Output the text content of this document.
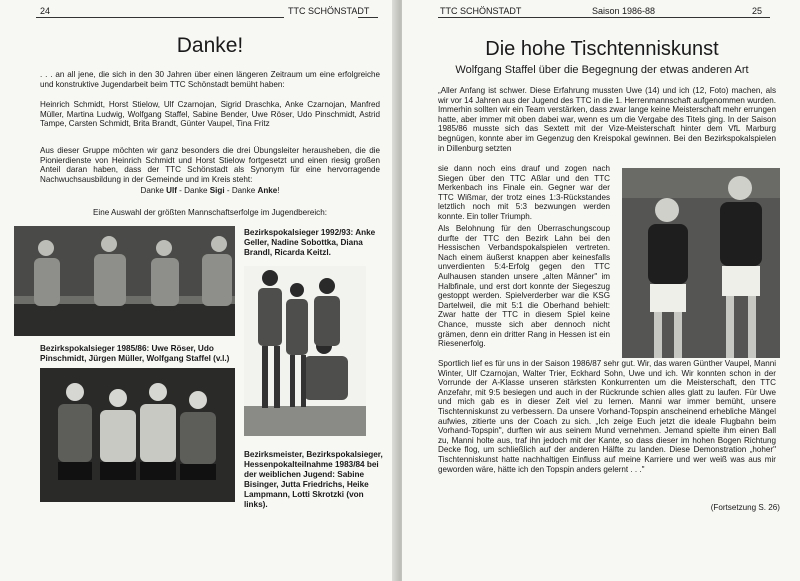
24	TTC SCHÖNSTADT
Danke!
. . . an all jene, die sich in den 30 Jahren über einen längeren Zeitraum um eine erfolgreiche und konstruktive Jugendarbeit beim TTC Schönstadt bemüht haben:
Heinrich Schmidt, Horst Stielow, Ulf Czarnojan, Sigrid Draschka, Anke Czarnojan, Manfred Müller, Martina Ludwig, Wolfgang Staffel, Sabine Bender, Uwe Röser, Udo Pinschmidt, Astrid Tampe, Carsten Schmidt, Brita Brandt, Günter Vaupel, Tina Fritz
Aus dieser Gruppe möchten wir ganz besonders die drei Übungsleiter herausheben, die die Pionierdienste von Heinrich Schmidt und Horst Stielow fortgesetzt und einen riesig großen Anteil daran haben, dass der TTC Schönstadt als Synonym für eine hervorragende Nachwuchsausbildung in der Gemeinde und im Kreis steht:
Danke Ulf - Danke Sigi - Danke Anke!
Eine Auswahl der größten Mannschaftserfolge im Jugendbereich:
Bezirkspokalsieger 1992/93: Anke Geller, Nadine Sobottka, Diana Brandl, Ricarda Keitzl.
Bezirkspokalsieger 1985/86: Uwe Röser, Udo Pinschmidt, Jürgen Müller, Wolfgang Staffel (v.l.)
Bezirksmeister, Bezirkspokalsieger, Hessenpokalteilnahme 1983/84 bei der weiblichen Jugend: Sabine Bisinger, Jutta Friedrichs, Heike Lampmann, Lotti Skrotzki (von links).
TTC SCHÖNSTADT	Saison 1986-88	25
Die hohe Tischtenniskunst
Wolfgang Staffel über die Begegnung der etwas anderen Art
„Aller Anfang ist schwer. Diese Erfahrung mussten Uwe (14) und ich (12, Foto) machen, als wir vor 14 Jahren aus der Jugend des TTC in die 1. Herrenmannschaft aufgenommen wurden. Immerhin sollten wir ein Team verstärken, dass zwar lange keine Meisterschaft mehr errungen hatte, aber immer mit oben dabei war, wenn es um die Vergabe des Titels ging. In der Saison 1985/86 musste sich das Sextett mit der Vize-Meisterschaft hinter dem VfL Marburg begnügen, konnte aber im Gegenzug den Kreispokal gewinnen. Bei den Bezirkspokalspielen in Dillenburg setzten
sie dann noch eins drauf und zogen nach Siegen über den TTC Aßlar und den TTC Merkenbach ins Finale ein. Gegner war der TTC Wißmar, der trotz eines 1:3-Rückstandes letztlich noch mit 5:3 bezwungen werden konnte. Ein toller Triumph.
Als Belohnung für den Überraschungscoup durfte der TTC den Bezirk Lahn bei den Hessischen Verbandspokalspielen vertreten. Nach einem äußerst knappen aber keinesfalls unverdienten 5:4-Erfolg gegen den TTC Aulhausen standen unsere „alten Männer" im Halbfinale, und erst dort konnte der Siegeszug gestoppt werden. Spielverderber war die KSG Dartelweil, die mit 5:1 die Oberhand behielt: Zwar hatte der TTC in diesem Spiel keine Chance, musste sich aber dennoch nicht grämen, denn ein dritter Rang in Hessen ist ein Riesenerfolg.
Sportlich lief es für uns in der Saison 1986/87 sehr gut. Wir, das waren Günther Vaupel, Manni Winter, Ulf Czarnojan, Walter Trier, Eckhard Sohn, Uwe und ich. Wir konnten schon in der Vorrunde der A-Klasse unseren stärksten Konkurrenten um die Meisterschaft, den TTC Anzefahr, mit 9:5 besiegen und auch in der Rückrunde schien alles glatt zu laufen. Für Uwe und mich gab es in dieser Zeit viel zu lernen. Manni war immer bemüht, unsere Tischtenniskunst zu verbessern. Da unsere Vorhand-Topspin anscheinend erhebliche Mängel aufwies, zitierte uns der Coach zu sich. „Ich zeige Euch jetzt die ideale Flugbahn beim Vorhand-Topspin", durften wir aus seinem Mund vernehmen. Jemand spielte ihm einen Ball zu, Manni holte aus, traf ihn jedoch mit der Kante, so dass dieser im hohen Bogen Richtung Decke flog, um schließlich auf der anderen Hälfte zu landen. Diese Demonstration „hoher" Tischtenniskunst hatte nachhaltigen Einfluss auf meine Karriere und wer weiß was aus mir geworden wäre, hätte ich den Topspin anders gelernt . . ."
(Fortsetzung S. 26)
